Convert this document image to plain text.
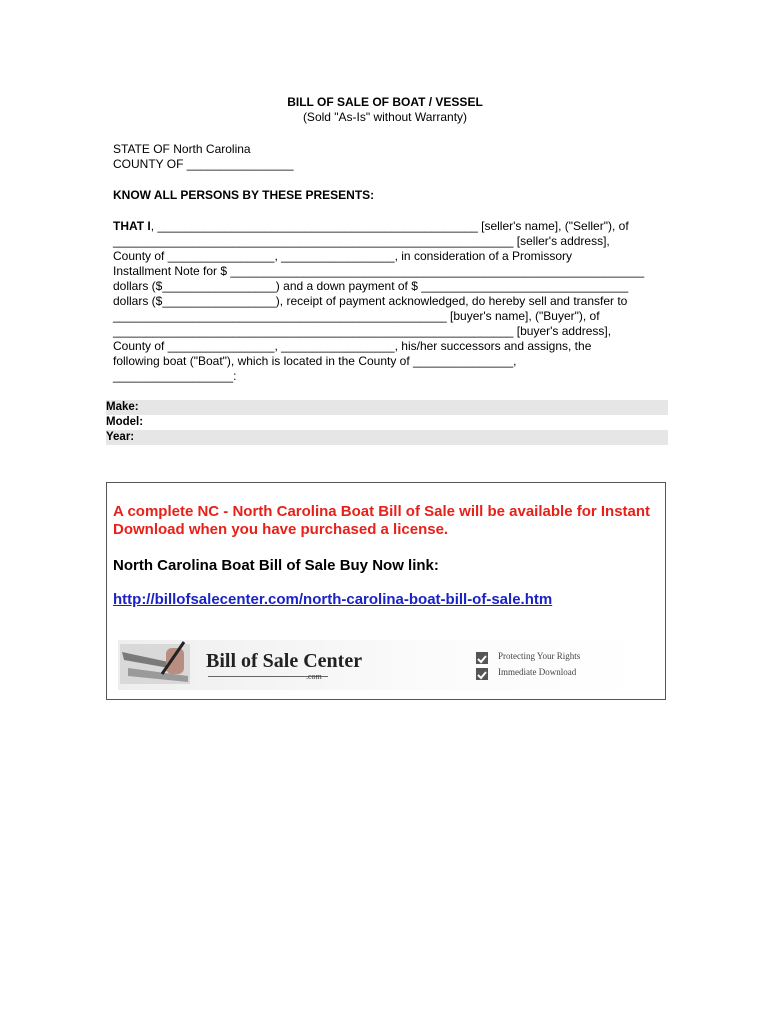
BILL OF SALE OF BOAT / VESSEL
(Sold "As-Is" without Warranty)
STATE OF North Carolina
COUNTY OF ________________
KNOW ALL PERSONS BY THESE PRESENTS:
THAT I, ________________________________________________ [seller's name], ("Seller"), of
____________________________________________________________ [seller's address],
County of ________________, _________________, in consideration of a Promissory
Installment Note for $ ______________________________________________________________
dollars ($_________________) and a down payment of $ _______________________________
dollars ($_________________), receipt of payment acknowledged, do hereby sell and transfer to
__________________________________________________ [buyer's name], ("Buyer"), of
____________________________________________________________ [buyer's address],
County of ________________, _________________, his/her successors and assigns, the
following boat ("Boat"), which is located in the County of _______________,
__________________:
Make:
Model:
Year:
A complete NC - North Carolina Boat Bill of Sale will be available for Instant
Download when you have purchased a license.
North Carolina Boat Bill of Sale Buy Now link:
http://billofsalecenter.com/north-carolina-boat-bill-of-sale.htm
Bill of Sale Center
.com
Protecting Your Rights
Immediate Download
